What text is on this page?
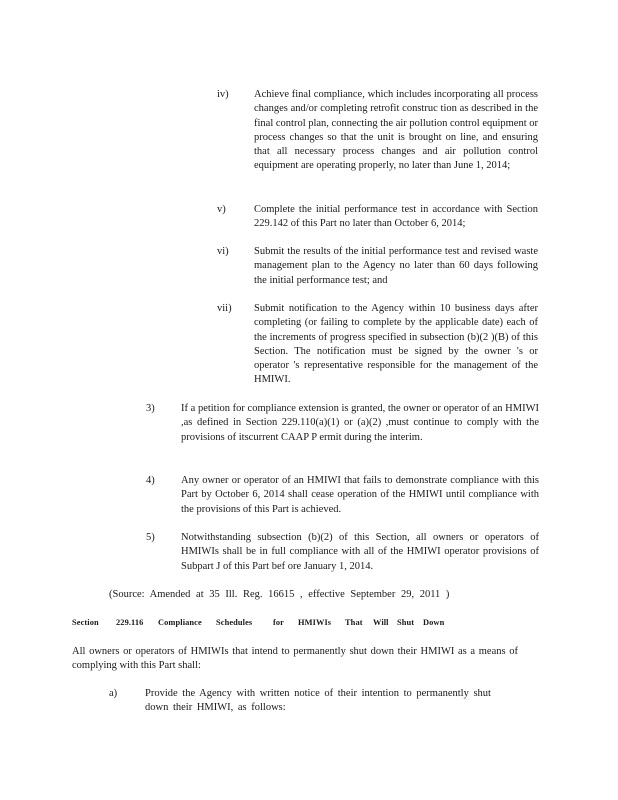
iv) Achieve final compliance, which includes incorporating all process changes and/or completing retrofit construc tion as described in the final control plan, connecting the air pollution control equipment or process changes so that the unit is brought on line, and ensuring that all necessary process changes and air pollution control equipment are operating properly, no later than June 1, 2014;
v)	Complete the initial performance test in accordance with Section 229.142 of this Part no later than October 6, 2014;
vi) Submit the results of the initial performance test and revised waste management plan to the Agency no later than 60 days following the initial performance test; and
vii) Submit notification to the Agency within 10 business days after completing (or failing to complete by the applicable date) each of the increments of progress specified in subsection (b)(2 )(B) of this Section. The notification must be signed by the owner 's or operator 's representative responsible for the management of the HMIWI.
3)	If a petition for compliance extension is granted, the owner or operator of an HMIWI ,as defined in Section 229.110(a)(1) or (a)(2) ,must continue to comply with the provisions of itscurrent CAAP P ermit during the interim.
4)	Any owner or operator of an HMIWI that fails to demonstrate compliance with this Part by October 6, 2014 shall cease operation of the HMIWI until compliance with the provisions of this Part is achieved.
5)	Notwithstanding subsection (b)(2) of this Section, all owners or operators of HMIWIs shall be in full compliance with all of the HMIWI operator provisions of Subpart J of this Part bef ore January 1, 2014.
(Source: Amended at 35 Ill. Reg. 16615 , effective September 29, 2011 )
Section 229.116 Compliance Schedules for HMIWIs That Will Shut Down
All owners or operators of HMIWIs that intend to permanently shut down their HMIWI as a means of complying with this Part shall:
a)	Provide the Agency with written notice of their intention to permanently shut down their HMIWI, as follows:
